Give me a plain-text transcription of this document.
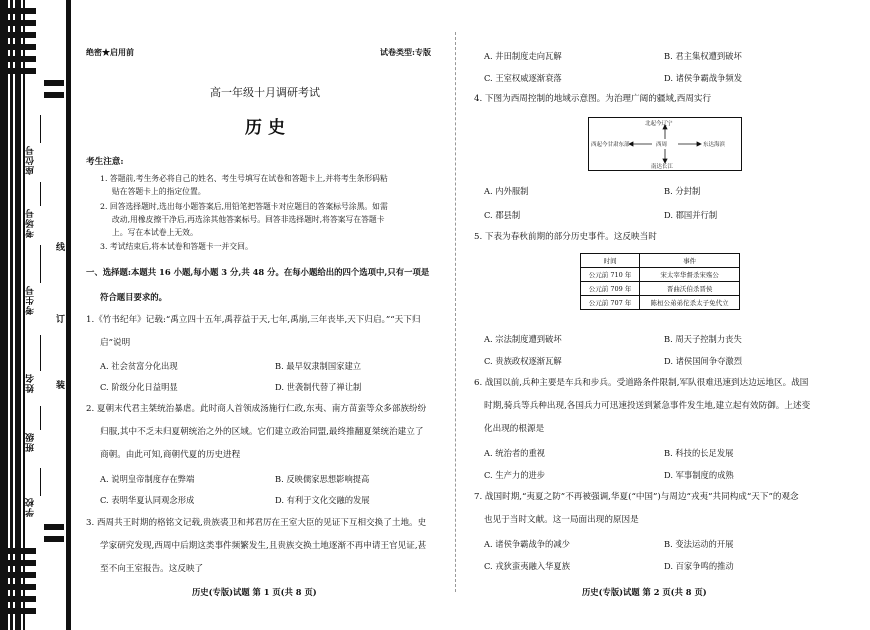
座位号
考场号
考生号
姓名
班级
学校
线
订
装
绝密★启用前	试卷类型:专版
高一年级十月调研考试
历 史
考生注意:
1. 答题前,考生务必将自己的姓名、考生号填写在试卷和答题卡上,并将考生条形码粘
贴在答题卡上的指定位置。
2. 回答选择题时,选出每小题答案后,用铅笔把答题卡对应题目的答案标号涂黑。如需
改动,用橡皮擦干净后,再选涂其他答案标号。回答非选择题时,将答案写在答题卡
上。写在本试卷上无效。
3. 考试结束后,将本试卷和答题卡一并交回。
一、选择题:本题共 16 小题,每小题 3 分,共 48 分。在每小题给出的四个选项中,只有一项是
符合题目要求的。
1.《竹书纪年》记载:“禹立四十五年,禹荐益于天,七年,禹崩,三年丧毕,天下归启。”“天下归
启”说明
A. 社会贫富分化出现	B. 最早奴隶制国家建立
C. 阶级分化日益明显	D. 世袭制代替了禅让制
2. 夏朝末代君主桀统治暴虐。此时商人首领成汤施行仁政,东夷、南方苗蛮等众多部族纷纷
归服,其中不乏未归夏朝统治之外的区域。它们建立政治同盟,最终推翻夏桀统治建立了
商朝。由此可知,商朝代夏的历史进程
A. 说明皇帝制度存在弊端	B. 反映儒家思想影响提高
C. 表明华夏认同观念形成	D. 有利于文化交融的发展
3. 西周共王时期的格铭文记载,贵族裘卫和邦君厉在王室大臣的见证下互相交换了土地。史
学家研究发现,西周中后期这类事件频繁发生,且贵族交换土地逐渐不再申请王官见证,甚
至不向王室报告。这反映了
历史(专版)试题 第 1 页(共 8 页)
A. 井田制度走向瓦解	B. 君主集权遭到破坏
C. 王室权威逐渐衰落	D. 诸侯争霸战争频发
4. 下图为西周控制的地域示意图。为治理广阔的疆域,西周实行
北起今辽宁
西起今甘肃东部	西周	东达海滨
南达长江
A. 内外服制	B. 分封制
C. 郡县制	D. 郡国并行制
5. 下表为春秋前期的部分历史事件。这反映当时
时间	事件
公元前 710 年	宋太宰华督杀宋殇公
公元前 709 年	晋曲沃伯杀晋侯
公元前 707 年	陈桓公弟弟佗杀太子免代立
A. 宗法制度遭到破坏	B. 周天子控制力丧失
C. 贵族政权逐渐瓦解	D. 诸侯国间争夺激烈
6. 战国以前,兵种主要是车兵和步兵。受道路条件限制,军队很难迅速到达边远地区。战国
时期,骑兵等兵种出现,各国兵力可迅速投送到紧急事件发生地,建立起有效防御。上述变
化出现的根源是
A. 统治者的重视	B. 科技的长足发展
C. 生产力的进步	D. 军事制度的成熟
7. 战国时期,“夷夏之防”不再被强调,华夏(“中国”)与周边“戎夷”共同构成“天下”的观念
也见于当时文献。这一局面出现的原因是
A. 诸侯争霸战争的减少	B. 变法运动的开展
C. 戎狄蛮夷融入华夏族	D. 百家争鸣的推动
历史(专版)试题 第 2 页(共 8 页)
